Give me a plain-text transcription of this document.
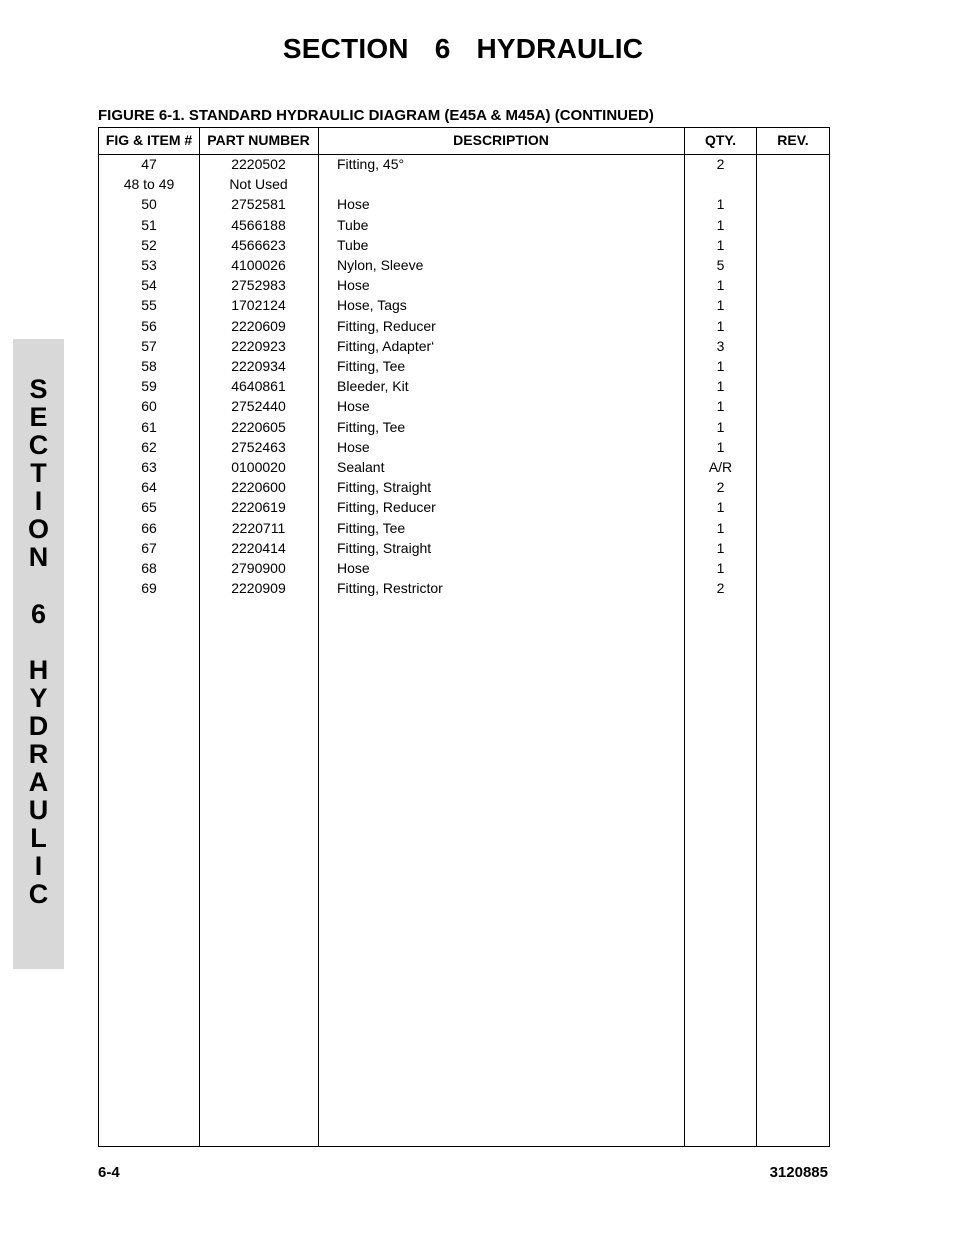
SECTION 6 HYDRAULIC
FIGURE 6-1. STANDARD HYDRAULIC DIAGRAM (E45A & M45A) (CONTINUED)
S
E
C
T
I
O
N
6
H
Y
D
R
A
U
L
I
C
FIG & ITEM #	PART NUMBER	DESCRIPTION	QTY.	REV.
47	2220502	Fitting, 45°	2
48 to 49	Not Used
50	2752581	Hose	1
51	4566188	Tube	1
52	4566623	Tube	1
53	4100026	Nylon, Sleeve	5
54	2752983	Hose	1
55	1702124	Hose, Tags	1
56	2220609	Fitting, Reducer	1
57	2220923	Fitting, Adapter‘	3
58	2220934	Fitting, Tee	1
59	4640861	Bleeder, Kit	1
60	2752440	Hose	1
61	2220605	Fitting, Tee	1
62	2752463	Hose	1
63	0100020	Sealant	A/R
64	2220600	Fitting, Straight	2
65	2220619	Fitting, Reducer	1
66	2220711	Fitting, Tee	1
67	2220414	Fitting, Straight	1
68	2790900	Hose	1
69	2220909	Fitting, Restrictor	2
6-4	3120885
